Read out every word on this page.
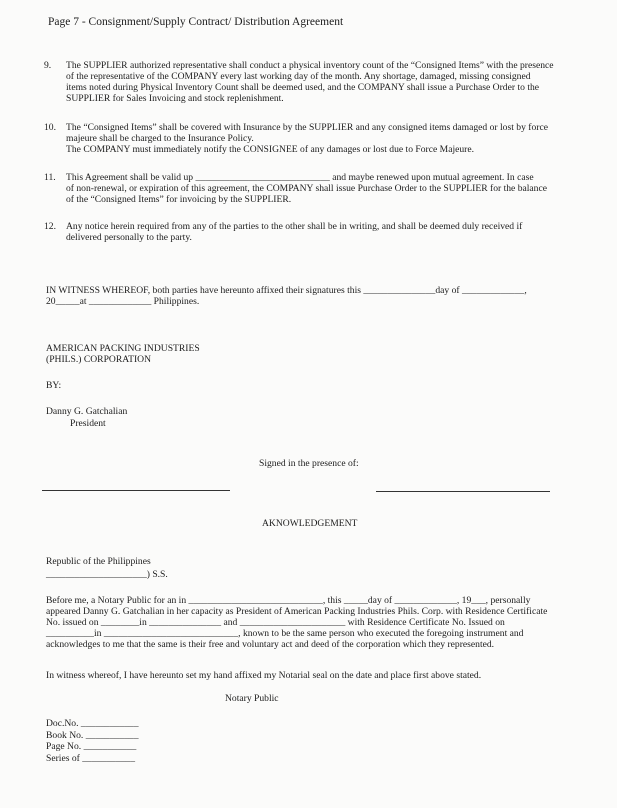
Page 7 - Consignment/Supply Contract/ Distribution Agreement
9.	The SUPPLIER authorized representative shall conduct a physical inventory count of the “Consigned Items” with the presence
of the representative of the COMPANY every last working day of the month. Any shortage, damaged, missing consigned
items noted during Physical Inventory Count shall be deemed used, and the COMPANY shall issue a Purchase Order to the
SUPPLIER for Sales Invoicing and stock replenishment.
10.	The “Consigned Items” shall be covered with Insurance by the SUPPLIER and any consigned items damaged or lost by force
majeure shall be charged to the Insurance Policy.
The COMPANY must immediately notify the CONSIGNEE of any damages or lost due to Force Majeure.
11.	This Agreement shall be valid up ____________________________ and maybe renewed upon mutual agreement. In case
of non-renewal, or expiration of this agreement, the COMPANY shall issue Purchase Order to the SUPPLIER for the balance
of the “Consigned Items” for invoicing by the SUPPLIER.
12.	Any notice herein required from any of the parties to the other shall be in writing, and shall be deemed duly received if
delivered personally to the party.
IN WITNESS WHEREOF, both parties have hereunto affixed their signatures this _______________day of _____________,
20_____at _____________ Philippines.
AMERICAN PACKING INDUSTRIES
(PHILS.) CORPORATION
BY:
Danny G. Gatchalian
President
Signed in the presence of:
AKNOWLEDGEMENT
Republic of the Philippines
_____________________) S.S.
Before me, a Notary Public for an in ____________________________, this _____day of _____________, 19___, personally
appeared Danny G. Gatchalian in her capacity as President of American Packing Industries Phils. Corp. with Residence Certificate
No. issued on ________in _______________ and ______________________ with Residence Certificate No. Issued on
__________in ____________________________, known to be the same person who executed the foregoing instrument and
acknowledges to me that the same is their free and voluntary act and deed of the corporation which they represented.
In witness whereof, I have hereunto set my hand affixed my Notarial seal on the date and place first above stated.
Notary Public
Doc.No. ____________
Book No. ___________
Page No. ___________
Series of ___________
